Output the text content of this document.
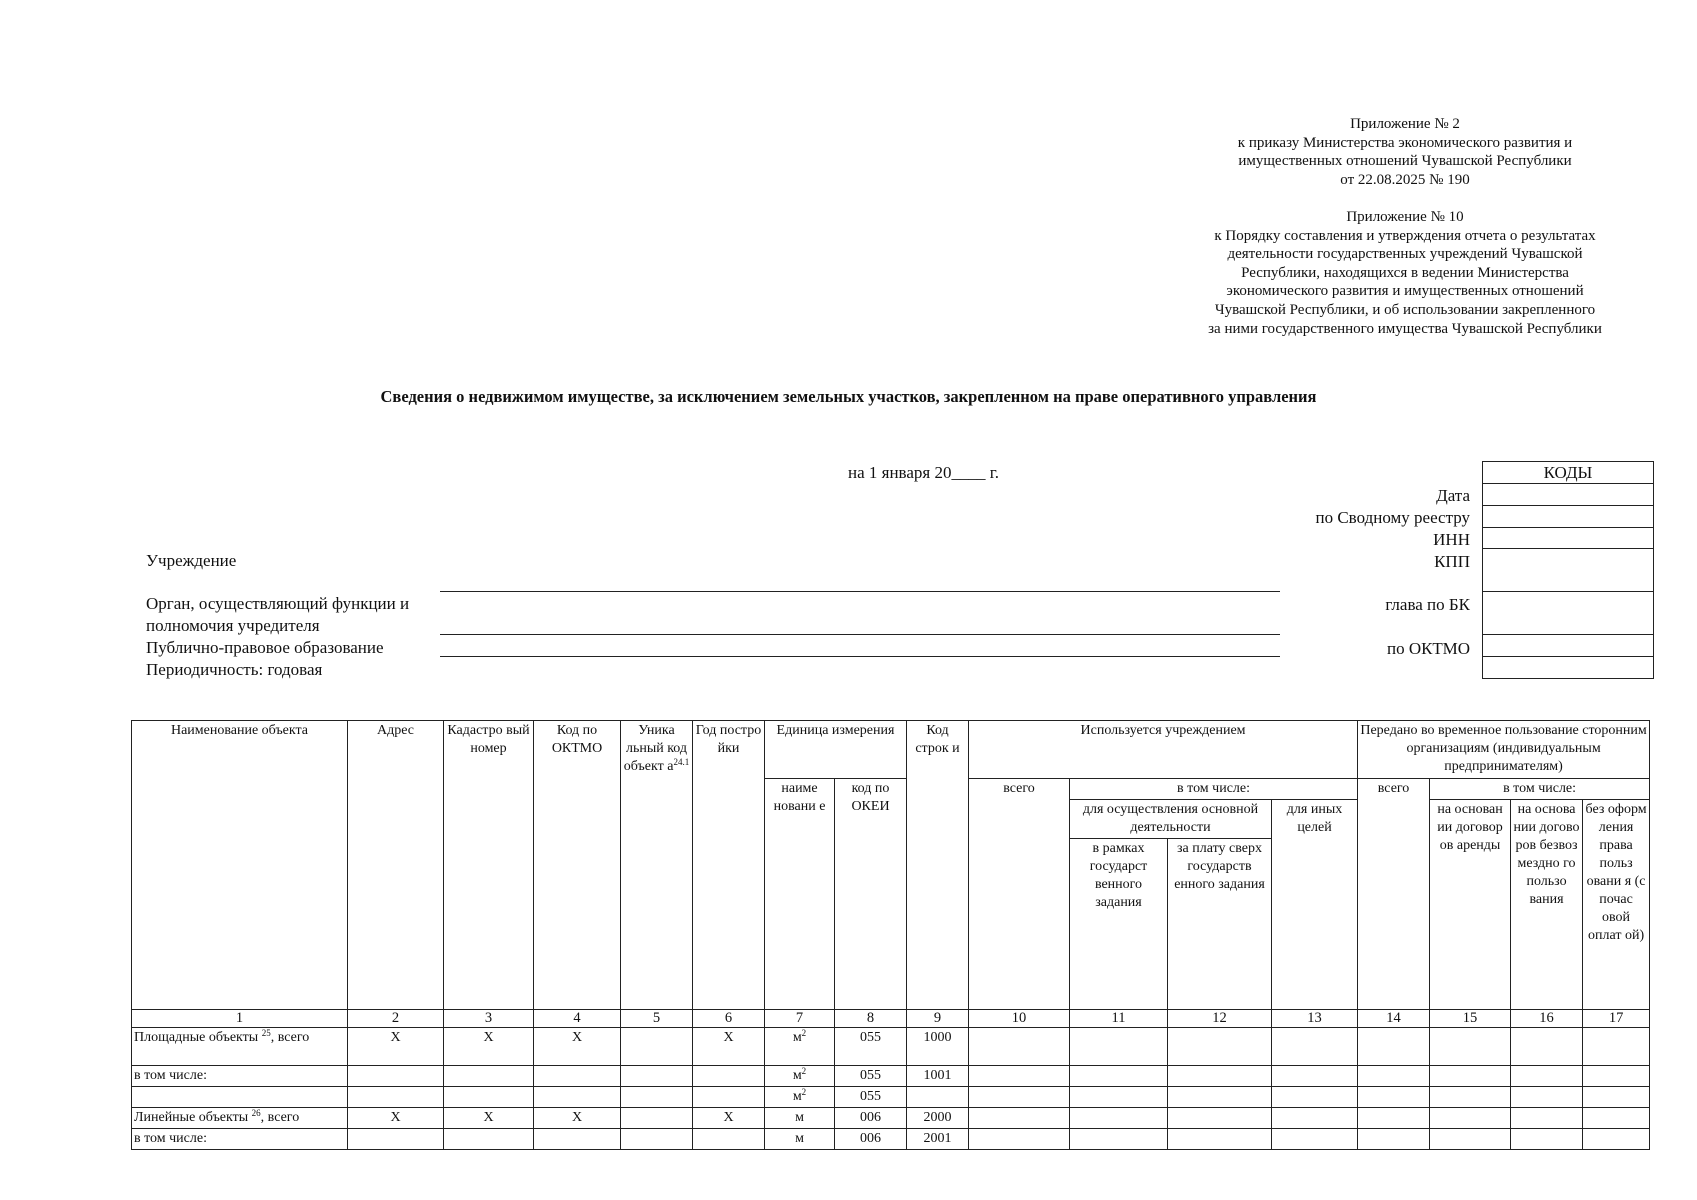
Приложение № 2
к приказу Министерства экономического развития и
имущественных отношений Чувашской Республики
от 22.08.2025 № 190
Приложение № 10
к Порядку составления и утверждения отчета о результатах
деятельности государственных учреждений Чувашской
Республики, находящихся в ведении Министерства
экономического развития и имущественных отношений
Чувашской Республики, и об использовании закрепленного
за ними государственного имущества Чувашской Республики
Сведения о недвижимом имуществе, за исключением земельных участков, закрепленном на праве оперативного управления
на 1 января 20____ г.
Дата
по Сводному реестру
ИНН
КПП
глава по БК
по ОКТМО
КОДЫ

Учреждение
Орган, осуществляющий функции и
полномочия учредителя
Публично-правовое образование
Периодичность: годовая
Наименование объекта	Адрес	Кадастро вый номер	Код по ОКТМО	Уника льный код объект $а^{24.1}$	Год постро йки	Единица измерения		Код строк и	Используется учреждением				Передано во временное пользование сторонним организациям (индивидуальным предпринимателям)			
						наиме новани е	код по ОКЕИ		всего	в том числе:			всего	в том числе:		
										для осуществления основной деятельности		для иных целей		на основан ии договор ов аренды	на основа нии догово ров безвоз мездно го пользо вания	без оформ ления права польз овани я (с почас овой оплат ой)
										в рамках государст венного задания	за плату сверх государств енного задания					
1	2	3	4	5	6	7	8	9	10	11	12	13	14	15	16	17
Площадные объекты $^{25}$, всего	X	X	X		X	$м^2$	055	1000								
в том числе:						$м^2$	055	1001								
						$м^2$	055									
Линейные объекты $^{26}$, всего	X	X	X		X	м	006	2000								
в том числе:						м	006	2001								
